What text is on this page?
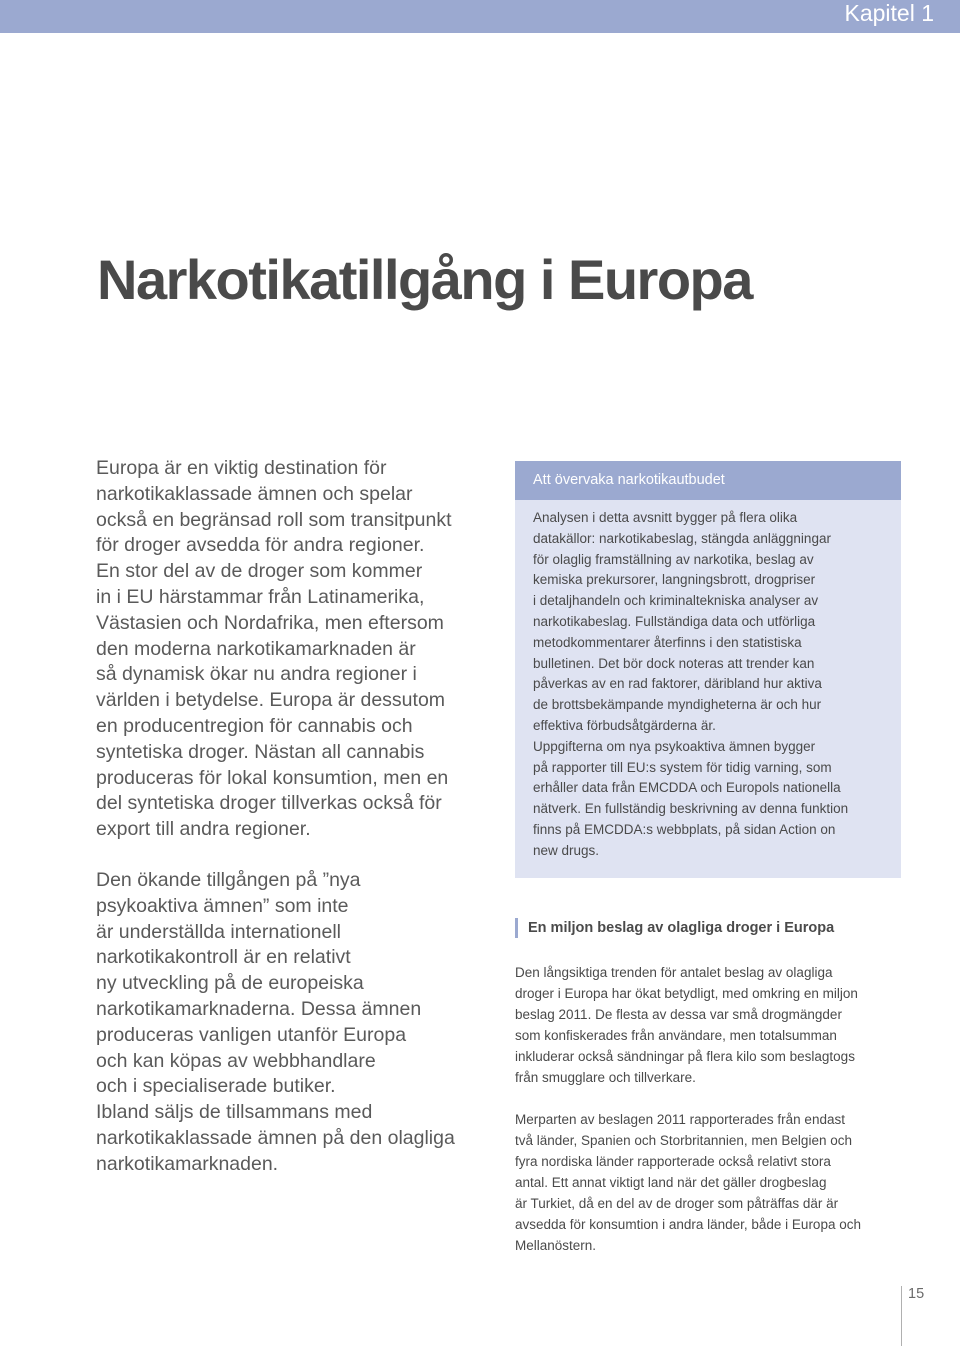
Kapitel 1
Narkotikatillgång i Europa

Europa är en viktig destination för
narkotikaklassade ämnen och spelar
också en begränsad roll som transitpunkt
för droger avsedda för andra regioner.
En stor del av de droger som kommer
in i EU härstammar från Latinamerika,
Västasien och Nordafrika, men eftersom
den moderna narkotikamarknaden är
så dynamisk ökar nu andra regioner i
världen i betydelse. Europa är dessutom
en producentregion för cannabis och
syntetiska droger. Nästan all cannabis
produceras för lokal konsumtion, men en
del syntetiska droger tillverkas också för
export till andra regioner.

Den ökande tillgången på ”nya
psykoaktiva ämnen” som inte
är underställda internationell
narkotikakontroll är en relativt
ny utveckling på de europeiska
narkotikamarknaderna. Dessa ämnen
produceras vanligen utanför Europa
och kan köpas av webbhandlare
och i specialiserade butiker.
Ibland säljs de tillsammans med
narkotikaklassade ämnen på den olagliga
narkotikamarknaden.

Att övervaka narkotikautbudet
Analysen i detta avsnitt bygger på flera olika
datakällor: narkotikabeslag, stängda anläggningar
för olaglig framställning av narkotika, beslag av
kemiska prekursorer, langningsbrott, drogpriser
i detaljhandeln och kriminaltekniska analyser av
narkotikabeslag. Fullständiga data och utförliga
metodkommentarer återfinns i den statistiska
bulletinen. Det bör dock noteras att trender kan
påverkas av en rad faktorer, däribland hur aktiva
de brottsbekämpande myndigheterna är och hur
effektiva förbudsåtgärderna är.
Uppgifterna om nya psykoaktiva ämnen bygger
på rapporter till EU:s system för tidig varning, som
erhåller data från EMCDDA och Europols nationella
nätverk. En fullständig beskrivning av denna funktion
finns på EMCDDA:s webbplats, på sidan Action on
new drugs.
En miljon beslag av olagliga droger i Europa
Den långsiktiga trenden för antalet beslag av olagliga
droger i Europa har ökat betydligt, med omkring en miljon
beslag 2011. De flesta av dessa var små drogmängder
som konfiskerades från användare, men totalsumman
inkluderar också sändningar på flera kilo som beslagtogs
från smugglare och tillverkare.
Merparten av beslagen 2011 rapporterades från endast
två länder, Spanien och Storbritannien, men Belgien och
fyra nordiska länder rapporterade också relativt stora
antal. Ett annat viktigt land när det gäller drogbeslag
är Turkiet, då en del av de droger som påträffas där är
avsedda för konsumtion i andra länder, både i Europa och
Mellanöstern.
15
